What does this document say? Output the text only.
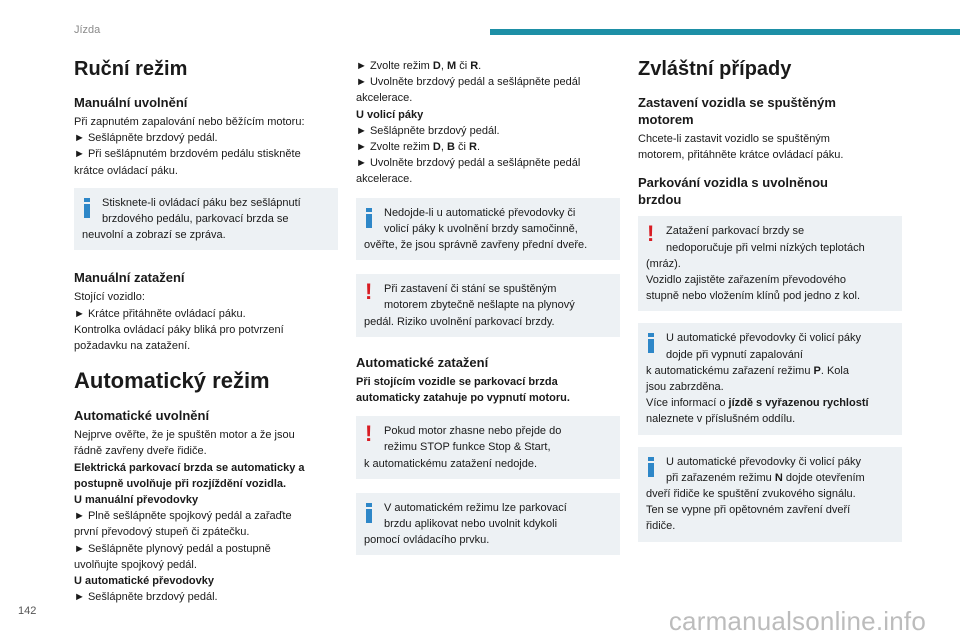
Jízda
Ruční režim
Manuální uvolnění

Při zapnutém zapalování nebo běžícím motoru:

► Sešlápněte brzdový pedál.

► Při sešlápnutém brzdovém pedálu stiskněte

krátce ovládací páku.

Stisknete-li ovládací páku bez sešlápnutí

brzdového pedálu, parkovací brzda se

neuvolní a zobrazí se zpráva.

Manuální zatažení

Stojící vozidlo:

► Krátce přitáhněte ovládací páku.

Kontrolka ovládací páky bliká pro potvrzení

požadavku na zatažení.

Automatický režim
Automatické uvolnění

Nejprve ověřte, že je spuštěn motor a že jsou

řádně zavřeny dveře řidiče.

Elektrická parkovací brzda se automaticky a

postupně uvolňuje při rozjíždění vozidla.

U manuální převodovky

► Plně sešlápněte spojkový pedál a zařaďte

první převodový stupeň či zpátečku.

► Sešlápněte plynový pedál a postupně

uvolňujte spojkový pedál.

U automatické převodovky

► Sešlápněte brzdový pedál.

► Zvolte režim D, M či R.

► Uvolněte brzdový pedál a sešlápněte pedál

akcelerace.

U volicí páky

► Sešlápněte brzdový pedál.

► Zvolte režim D, B či R.

► Uvolněte brzdový pedál a sešlápněte pedál

akcelerace.

Nedojde-li u automatické převodovky či

volicí páky k uvolnění brzdy samočinně,

ověřte, že jsou správně zavřeny přední dveře.

!	Při zastavení či stání se spuštěným

motorem zbytečně nešlapte na plynový

pedál. Riziko uvolnění parkovací brzdy.

Automatické zatažení

Při stojícím vozidle se parkovací brzda

automaticky zatahuje po vypnutí motoru.

!	Pokud motor zhasne nebo přejde do

režimu STOP funkce Stop & Start,

k automatickému zatažení nedojde.

V automatickém režimu lze parkovací

brzdu aplikovat nebo uvolnit kdykoli

pomocí ovládacího prvku.

Zvláštní případy
Zastavení vozidla se spuštěným
motorem

Chcete-li zastavit vozidlo se spuštěným

motorem, přitáhněte krátce ovládací páku.

Parkování vozidla s uvolněnou
brzdou
!	Zatažení parkovací brzdy se

nedoporučuje při velmi nízkých teplotách

(mráz).

Vozidlo zajistěte zařazením převodového

stupně nebo vložením klínů pod jedno z kol.

U automatické převodovky či volicí páky

dojde při vypnutí zapalování

k automatickému zařazení režimu P. Kola

jsou zabrzděna.

Více informací o jízdě s vyřazenou rychlostí

naleznete v příslušném oddílu.

U automatické převodovky či volicí páky

při zařazeném režimu N dojde otevřením

dveří řidiče ke spuštění zvukového signálu.

Ten se vypne při opětovném zavření dveří

řidiče.

142	carmanualsonline.info
